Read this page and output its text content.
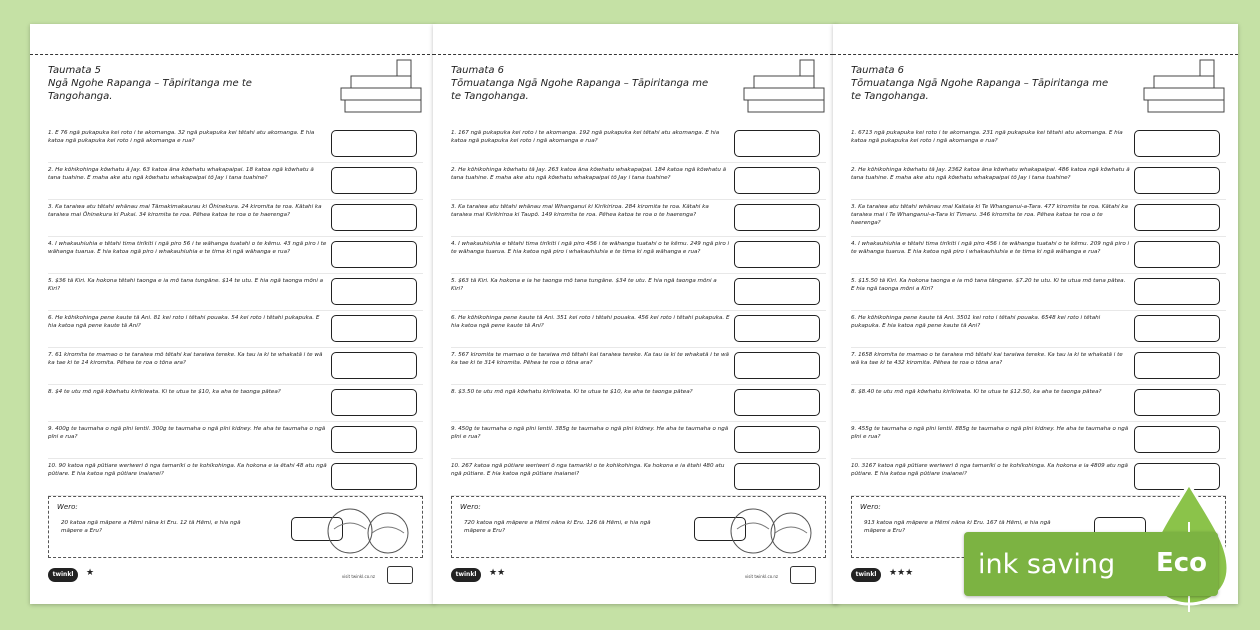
Taumata 5
Ngā Ngohe Rapanga – Tāpiritanga me te Tangohanga.
1. E 76 ngā pukapuka kei roto i te akomanga. 32 ngā pukapuka kei tētahi atu akomanga. E hia katoa ngā pukapuka kei roto i ngā akomanga e rua?
2. He kōhikohinga kōwhatu ā Jay. 63 katoa āna kōwhatu whakapaipai. 18 katoa ngā kōwhatu ā tana tuahine. E maha ake atu ngā kōwhatu whakapaipai tō Jay i tana tuahine?
3. Ka taraiwa atu tētahi whānau mai Tāmakimakaurau ki Ōhinekura. 24 kiromita te roa. Kātahi ka taraiwa mai Ōhinekura ki Pukai. 34 kiromita te roa. Pēhea katoa te roa o te haerenga?
4. I whakauhiuhia e tētahi tima tirikiti i ngā piro 56 i te wāhanga tuatahi o te kēmu. 43 ngā piro i te wāhanga tuarua. E hia katoa ngā piro i whakauhiuhia e te tima ki ngā wāhanga e rua?
5. $36 tā Kiri. Ka hokona tētahi taonga e ia mō tana tungāne. $14 te utu. E hia ngā taonga mōni a Kiri?
6. He kōhikohinga pene kaute tā Ani. 81 kei roto i tētahi pouaka. 54 kei roto i tētahi pukapuka. E hia katoa ngā pene kaute tā Ani?
7. 61 kiromita te mamao o te taraiwa mō tētahi kai taraiwa tereke. Ka tau ia ki te whakatā i te wā ka tae ki te 14 kiromita. Pēhea te roa o tōna ara?
8. $4 te utu mō ngā kōwhatu kirikiwata. Ki te utua te $10, ka aha te taonga pātea?
9. 400g te taumaha o ngā pīni lentil. 300g te taumaha o ngā pīni kidney. He aha te taumaha o ngā pīni e rua?
10. 90 katoa ngā pūtiare weriweri ō nga tamariki o te kohikohinga. Ka hokona e ia ētahi 48 atu ngā pūtiare. E hia katoa ngā pūtiare inaianei?
Wero:
20 katoa ngā māpere a Hēmi nāna ki Eru. 12 tā Hēmi, e hia ngā māpere a Eru?
twinkl	★	visit twinkl.co.nz
Taumata 6
Tōmuatanga Ngā Ngohe Rapanga – Tāpiritanga me te Tangohanga.
1. 167 ngā pukapuka kei roto i te akomanga. 192 ngā pukapuka kei tētahi atu akomanga. E hia katoa ngā pukapuka kei roto i ngā akomanga e rua?
2. He kōhikohinga kōwhatu tā Jay. 263 katoa āna kōwhatu whakapaipai. 184 katoa ngā kōwhatu ā tana tuahine. E maha ake atu ngā kōwhatu whakapaipai tō Jay i tana tuahine?
3. Ka taraiwa atu tētahi whānau mai Whanganui ki Kirikiriroa. 284 kiromita te roa. Kātahi ka taraiwa mai Kirikiriroa ki Taupō. 149 kiromita te roa. Pēhea katoa te roa o te haerenga?
4. I whakauhiuhia e tētahi tima tirikiti i ngā piro 456 i te wāhanga tuatahi o te kēmu. 249 ngā piro i te wāhanga tuarua. E hia katoa ngā piro i whakauhiuhia e te tima ki ngā wāhanga e rua?
5. $63 tā Kiri. Ka hokona e ia he taonga mō tana tungāne. $34 te utu. E hia ngā taonga mōni a Kiri?
6. He kōhikohinga pene kaute tā Ani. 351 kei roto i tētahi pouaka. 456 kei roto i tētahi pukapuka. E hia katoa ngā pene kaute tā Ani?
7. 567 kiromita te mamao o te taraiwa mō tētahi kai taraiwa tereke. Ka tau ia ki te whakatā i te wā ka tae ki te 314 kiromita. Pēhea te roa o tōna ara?
8. $3.50 te utu mō ngā kōwhatu kirikiwata. Ki te utua te $10, ka aha te taonga pātea?
9. 450g te taumaha o ngā pīni lentil. 385g te taumaha o ngā pīni kidney. He aha te taumaha o ngā pīni e rua?
10. 267 katoa ngā pūtiare weriweri ō nga tamariki o te kohikohinga. Ka hokona e ia ētahi 480 atu ngā pūtiare. E hia katoa ngā pūtiare inaianei?
Wero:
720 katoa ngā māpere a Hēmi nāna ki Eru. 126 tā Hēmi, e hia ngā māpere a Eru?
twinkl	★★	visit twinkl.co.nz
Taumata 6
Tōmuatanga Ngā Ngohe Rapanga – Tāpiritanga me te Tangohanga.
1. 6713 ngā pukapuka kei roto i te akomanga. 231 ngā pukapuka kei tētahi atu akomanga. E hia katoa ngā pukapuka kei roto i ngā akomanga e rua?
2. He kōhikohinga kōwhatu tā Jay. 2362 katoa āna kōwhatu whakapaipai. 486 katoa ngā kōwhatu ā tana tuahine. E maha ake atu ngā kōwhatu whakapaipai tō Jay i tana tuahine?
3. Ka taraiwa atu tētahi whānau mai Kaitaia ki Te Whanganui-a-Tara. 477 kiromita te roa. Kātahi ka taraiwa mai i Te Whanganui-a-Tara ki Timaru. 346 kiromita te roa. Pēhea katoa te roa o te haerenga?
4. I whakauhiuhia e tētahi tima tirikiti i ngā piro 456 i te wāhanga tuatahi o te kēmu. 209 ngā piro i te wāhanga tuarua. E hia katoa ngā piro i whakauhiuhia e te tima ki ngā wāhanga e rua?
5. $15.50 tā Kiri. Ka hokona taonga e ia mō tana tāngane. $7.20 te utu. Ki te utua mō tana pātea. E hia ngā taonga mōni a Kiri?
6. He kōhikohinga pene kaute tā Ani. 3501 kei roto i tētahi pouaka. 6548 kei roto i tētahi pukapuka. E hia katoa ngā pene kaute tā Ani?
7. 1658 kiromita te mamao o te taraiwa mō tētahi kai taraiwa tereke. Ka tau ia ki te whakatā i te wā ka tae ki te 432 kiromita. Pēhea te roa o tōna ara?
8. $8.40 te utu mō ngā kōwhatu kirikiwata. Ki te utua te $12.50, ka aha te taonga pātea?
9. 455g te taumaha o ngā pīni lentil. 885g te taumaha o ngā pīni kidney. He aha te taumaha o ngā pīni e rua?
10. 3167 katoa ngā pūtiare weriweri ō nga tamariki o te kohikohinga. Ka hokona e ia 4809 atu ngā pūtiare. E hia katoa ngā pūtiare inaianei?
Wero:
913 katoa ngā māpere a Hēmi nāna ki Eru. 167 tā Hēmi, e hia ngā māpere a Eru?
twinkl	★★★ ink saving Eco
